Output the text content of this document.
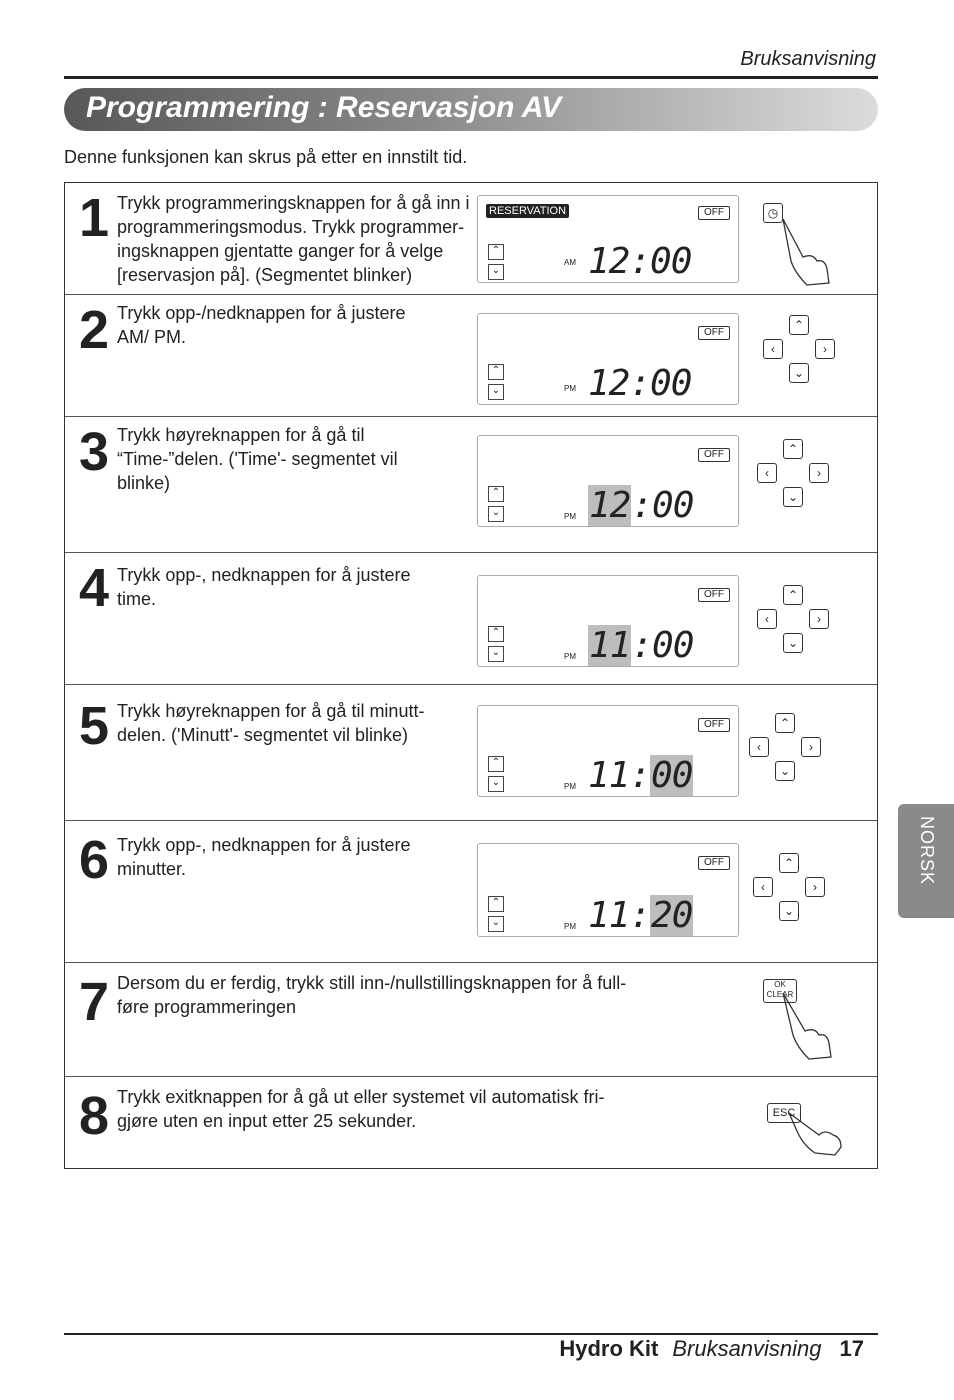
Bruksanvisning
Programmering : Reservasjon AV
Denne funksjonen kan skrus på etter en innstilt tid.
1 Trykk programmeringsknappen for å gå inn i programmeringsmodus. Trykk programmer-ingsknappen gjentatte ganger for å velge [reservasjon på]. (Segmentet blinker)
RESERVATION	OFF
⌃
⌄
AM 12:00
◷
2 Trykk opp-/nedknappen for å justere AM/ PM.	OFF
⌃
⌄	PM 12:00
⌃
‹	›
⌄
3 Trykk høyreknappen for å gå til “Time-”delen. ('Time'- segmentet vil blinke)
OFF
⌃
⌄	PM 12:00
⌃
‹	›
⌄
4 Trykk opp-, nedknappen for å justere time.	OFF
⌃
⌄	PM 11:00
⌃
‹	›
⌄
5 Trykk høyreknappen for å gå til minutt-delen. ('Minutt'- segmentet vil blinke)
OFF
⌃
⌄	PM 11:00
⌃
‹	›
⌄
6 Trykk opp-, nedknappen for å justere minutter.	OFF
⌃
⌄	PM 11:20
⌃
‹	›
⌄
7 Dersom du er ferdig, trykk still inn-/nullstillingsknappen for å full-føre programmeringen
OK
CLEAR
8 Trykk exitknappen for å gå ut eller systemet vil automatisk fri-gjøre uten en input etter 25 sekunder.	ESC
NORSK
Hydro Kit Bruksanvisning 17
